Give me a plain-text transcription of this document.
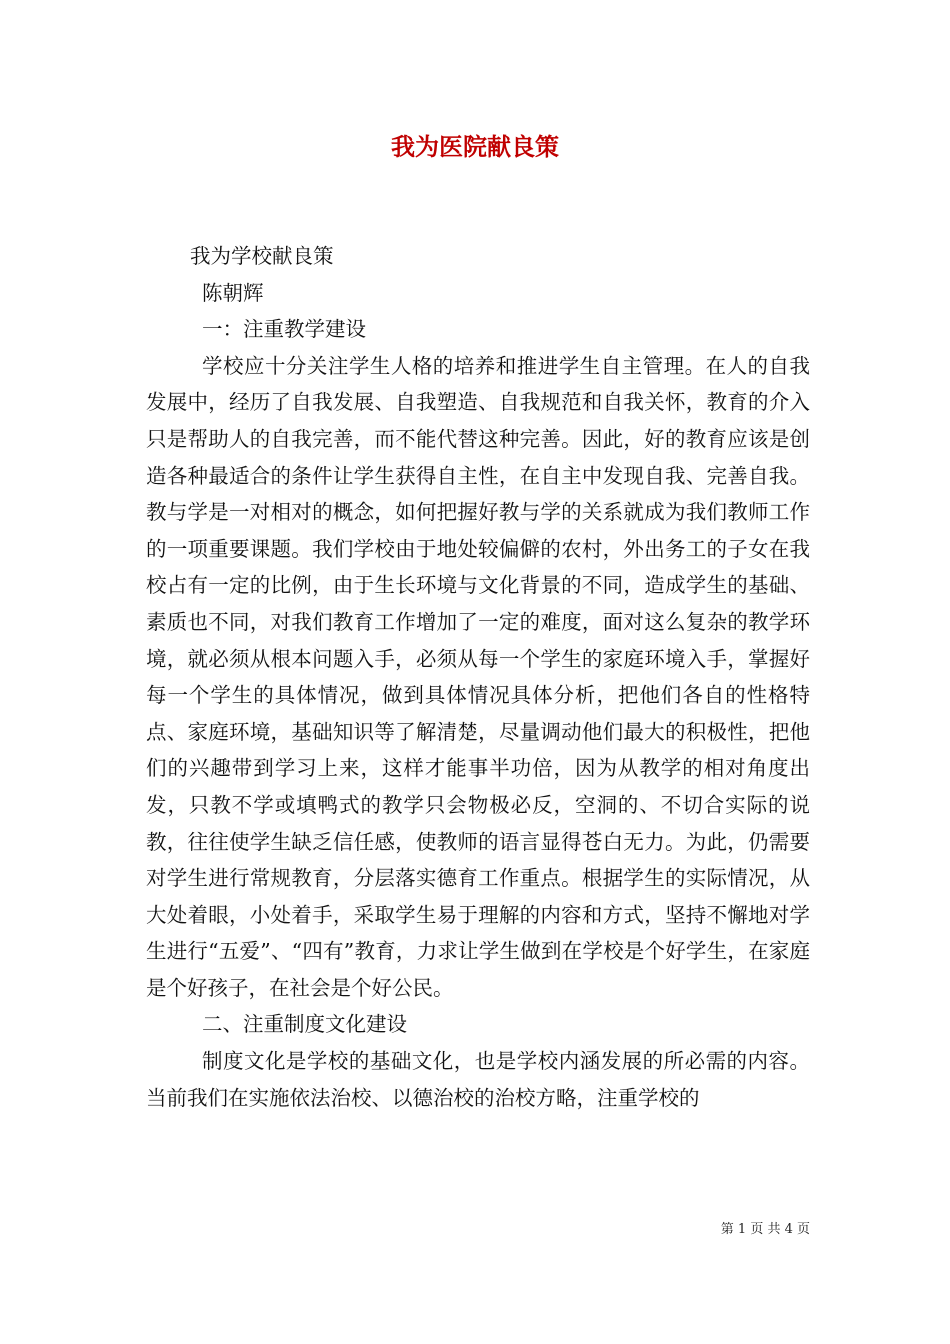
我为医院献良策

我为学校献良策

陈朝辉

一：注重教学建设

学校应十分关注学生人格的培养和推进学生自主管理。在人的自我发展中，经历了自我发展、自我塑造、自我规范和自我关怀，教育的介入只是帮助人的自我完善，而不能代替这种完善。因此，好的教育应该是创造各种最适合的条件让学生获得自主性，在自主中发现自我、完善自我。教与学是一对相对的概念，如何把握好教与学的关系就成为我们教师工作的一项重要课题。我们学校由于地处较偏僻的农村，外出务工的子女在我校占有一定的比例，由于生长环境与文化背景的不同，造成学生的基础、素质也不同，对我们教育工作增加了一定的难度，面对这么复杂的教学环境，就必须从根本问题入手，必须从每一个学生的家庭环境入手，掌握好每一个学生的具体情况，做到具体情况具体分析，把他们各自的性格特点、家庭环境，基础知识等了解清楚，尽量调动他们最大的积极性，把他们的兴趣带到学习上来，这样才能事半功倍，因为从教学的相对角度出发，只教不学或填鸭式的教学只会物极必反，空洞的、不切合实际的说教，往往使学生缺乏信任感，使教师的语言显得苍白无力。为此，仍需要对学生进行常规教育，分层落实德育工作重点。根据学生的实际情况，从大处着眼，小处着手，采取学生易于理解的内容和方式，坚持不懈地对学生进行“五爱”、“四有”教育，力求让学生做到在学校是个好学生，在家庭是个好孩子，在社会是个好公民。

二、注重制度文化建设

制度文化是学校的基础文化，也是学校内涵发展的所必需的内容。当前我们在实施依法治校、以德治校的治校方略，注重学校的

第 1 页 共 4 页
